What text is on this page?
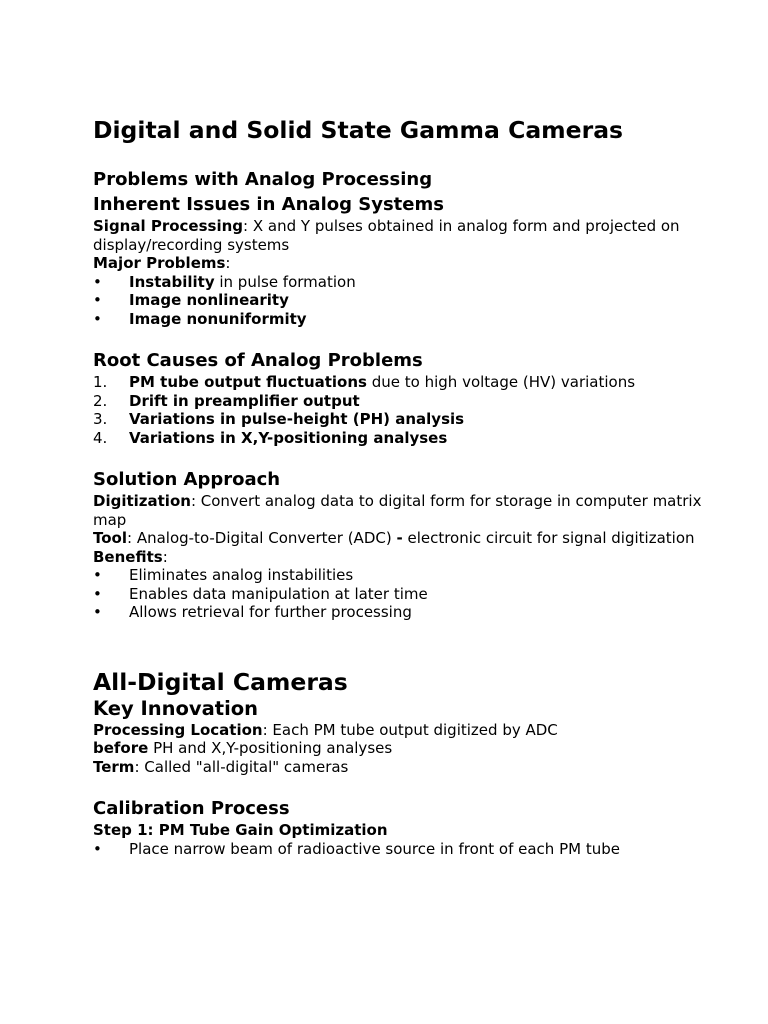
Digital and Solid State Gamma Cameras
Problems with Analog Processing
Inherent Issues in Analog Systems

Signal Processing: X and Y pulses obtained in analog form and projected on display/recording systems

Major Problems:

• Instability in pulse formation
• Image nonlinearity
• Image nonuniformity
Root Causes of Analog Problems
1. PM tube output fluctuations due to high voltage (HV) variations
2. Drift in preamplifier output
3. Variations in pulse-height (PH) analysis
4. Variations in X,Y-positioning analyses
Solution Approach

Digitization: Convert analog data to digital form for storage in computer matrix map

Tool: Analog-to-Digital Converter (ADC) - electronic circuit for signal digitization

Benefits:

• Eliminates analog instabilities
• Enables data manipulation at later time
• Allows retrieval for further processing
All-Digital Cameras
Key Innovation

Processing Location: Each PM tube output digitized by ADC

before PH and X,Y-positioning analyses

Term: Called "all-digital" cameras

Calibration Process

Step 1: PM Tube Gain Optimization

• Place narrow beam of radioactive source in front of each PM tube
